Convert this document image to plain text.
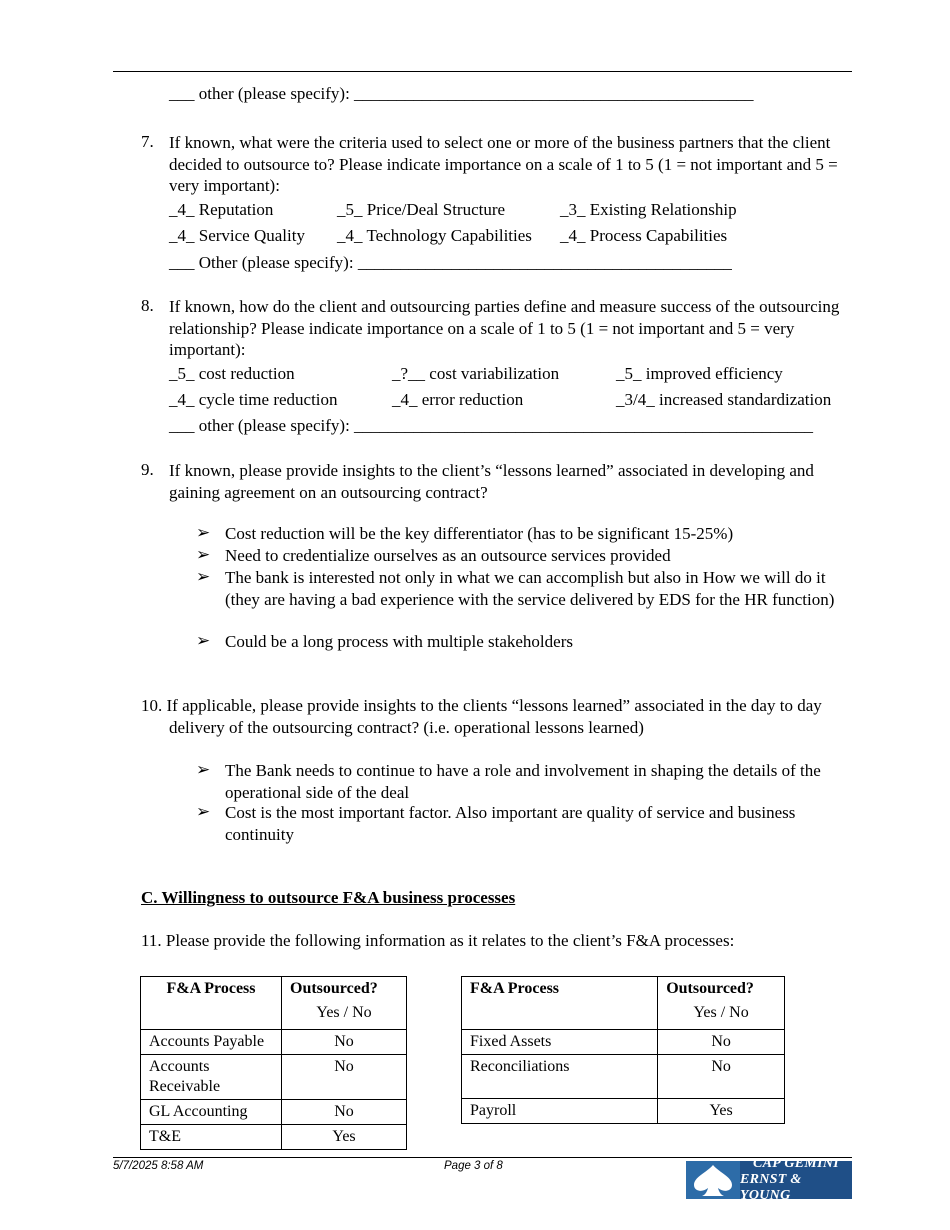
___ other (please specify): _______________________________________________
7. If known, what were the criteria used to select one or more of the business partners that the client decided to outsource to? Please indicate importance on a scale of 1 to 5 (1 = not important and 5 = very important):
_4_ Reputation	_5_ Price/Deal Structure	_3_ Existing Relationship
_4_ Service Quality _4_ Technology Capabilities _4_ Process Capabilities
___ Other (please specify): ____________________________________________
8. If known, how do the client and outsourcing parties define and measure success of the outsourcing relationship? Please indicate importance on a scale of 1 to 5 (1 = not important and 5 = very important):
_5_ cost reduction	_?__ cost variabilization	_5_ improved efficiency
_4_ cycle time reduction	_4_ error reduction	_3/4_ increased standardization
___ other (please specify): ______________________________________________________
9. If known, please provide insights to the client’s “lessons learned” associated in developing and gaining agreement on an outsourcing contract?
➢ Cost reduction will be the key differentiator (has to be significant 15-25%)
➢ Need to credentialize ourselves as an outsource services provided
➢ The bank is interested not only in what we can accomplish but also in How we will do it (they are having a bad experience with the service delivered by EDS for the HR function)
➢ Could be a long process with multiple stakeholders
10. If applicable, please provide insights to the clients “lessons learned” associated in the day to day delivery of the outsourcing contract? (i.e. operational lessons learned)
➢ The Bank needs to continue to have a role and involvement in shaping the details of the operational side of the deal
➢ Cost is the most important factor. Also important are quality of service and business continuity
C. Willingness to outsource F&A business processes
11. Please provide the following information as it relates to the client’s F&A processes:
F&A Process	Outsourced?
Yes / No

Accounts Payable	No
Accounts Receivable	No
GL Accounting	No
T&E	Yes
F&A Process	Outsourced?
Yes / No

Fixed Assets	No
Reconciliations	No
Payroll	Yes
5/7/2025 8:58 AM	Page 3 of 8	CAP GEMINI
ERNST & YOUNG
